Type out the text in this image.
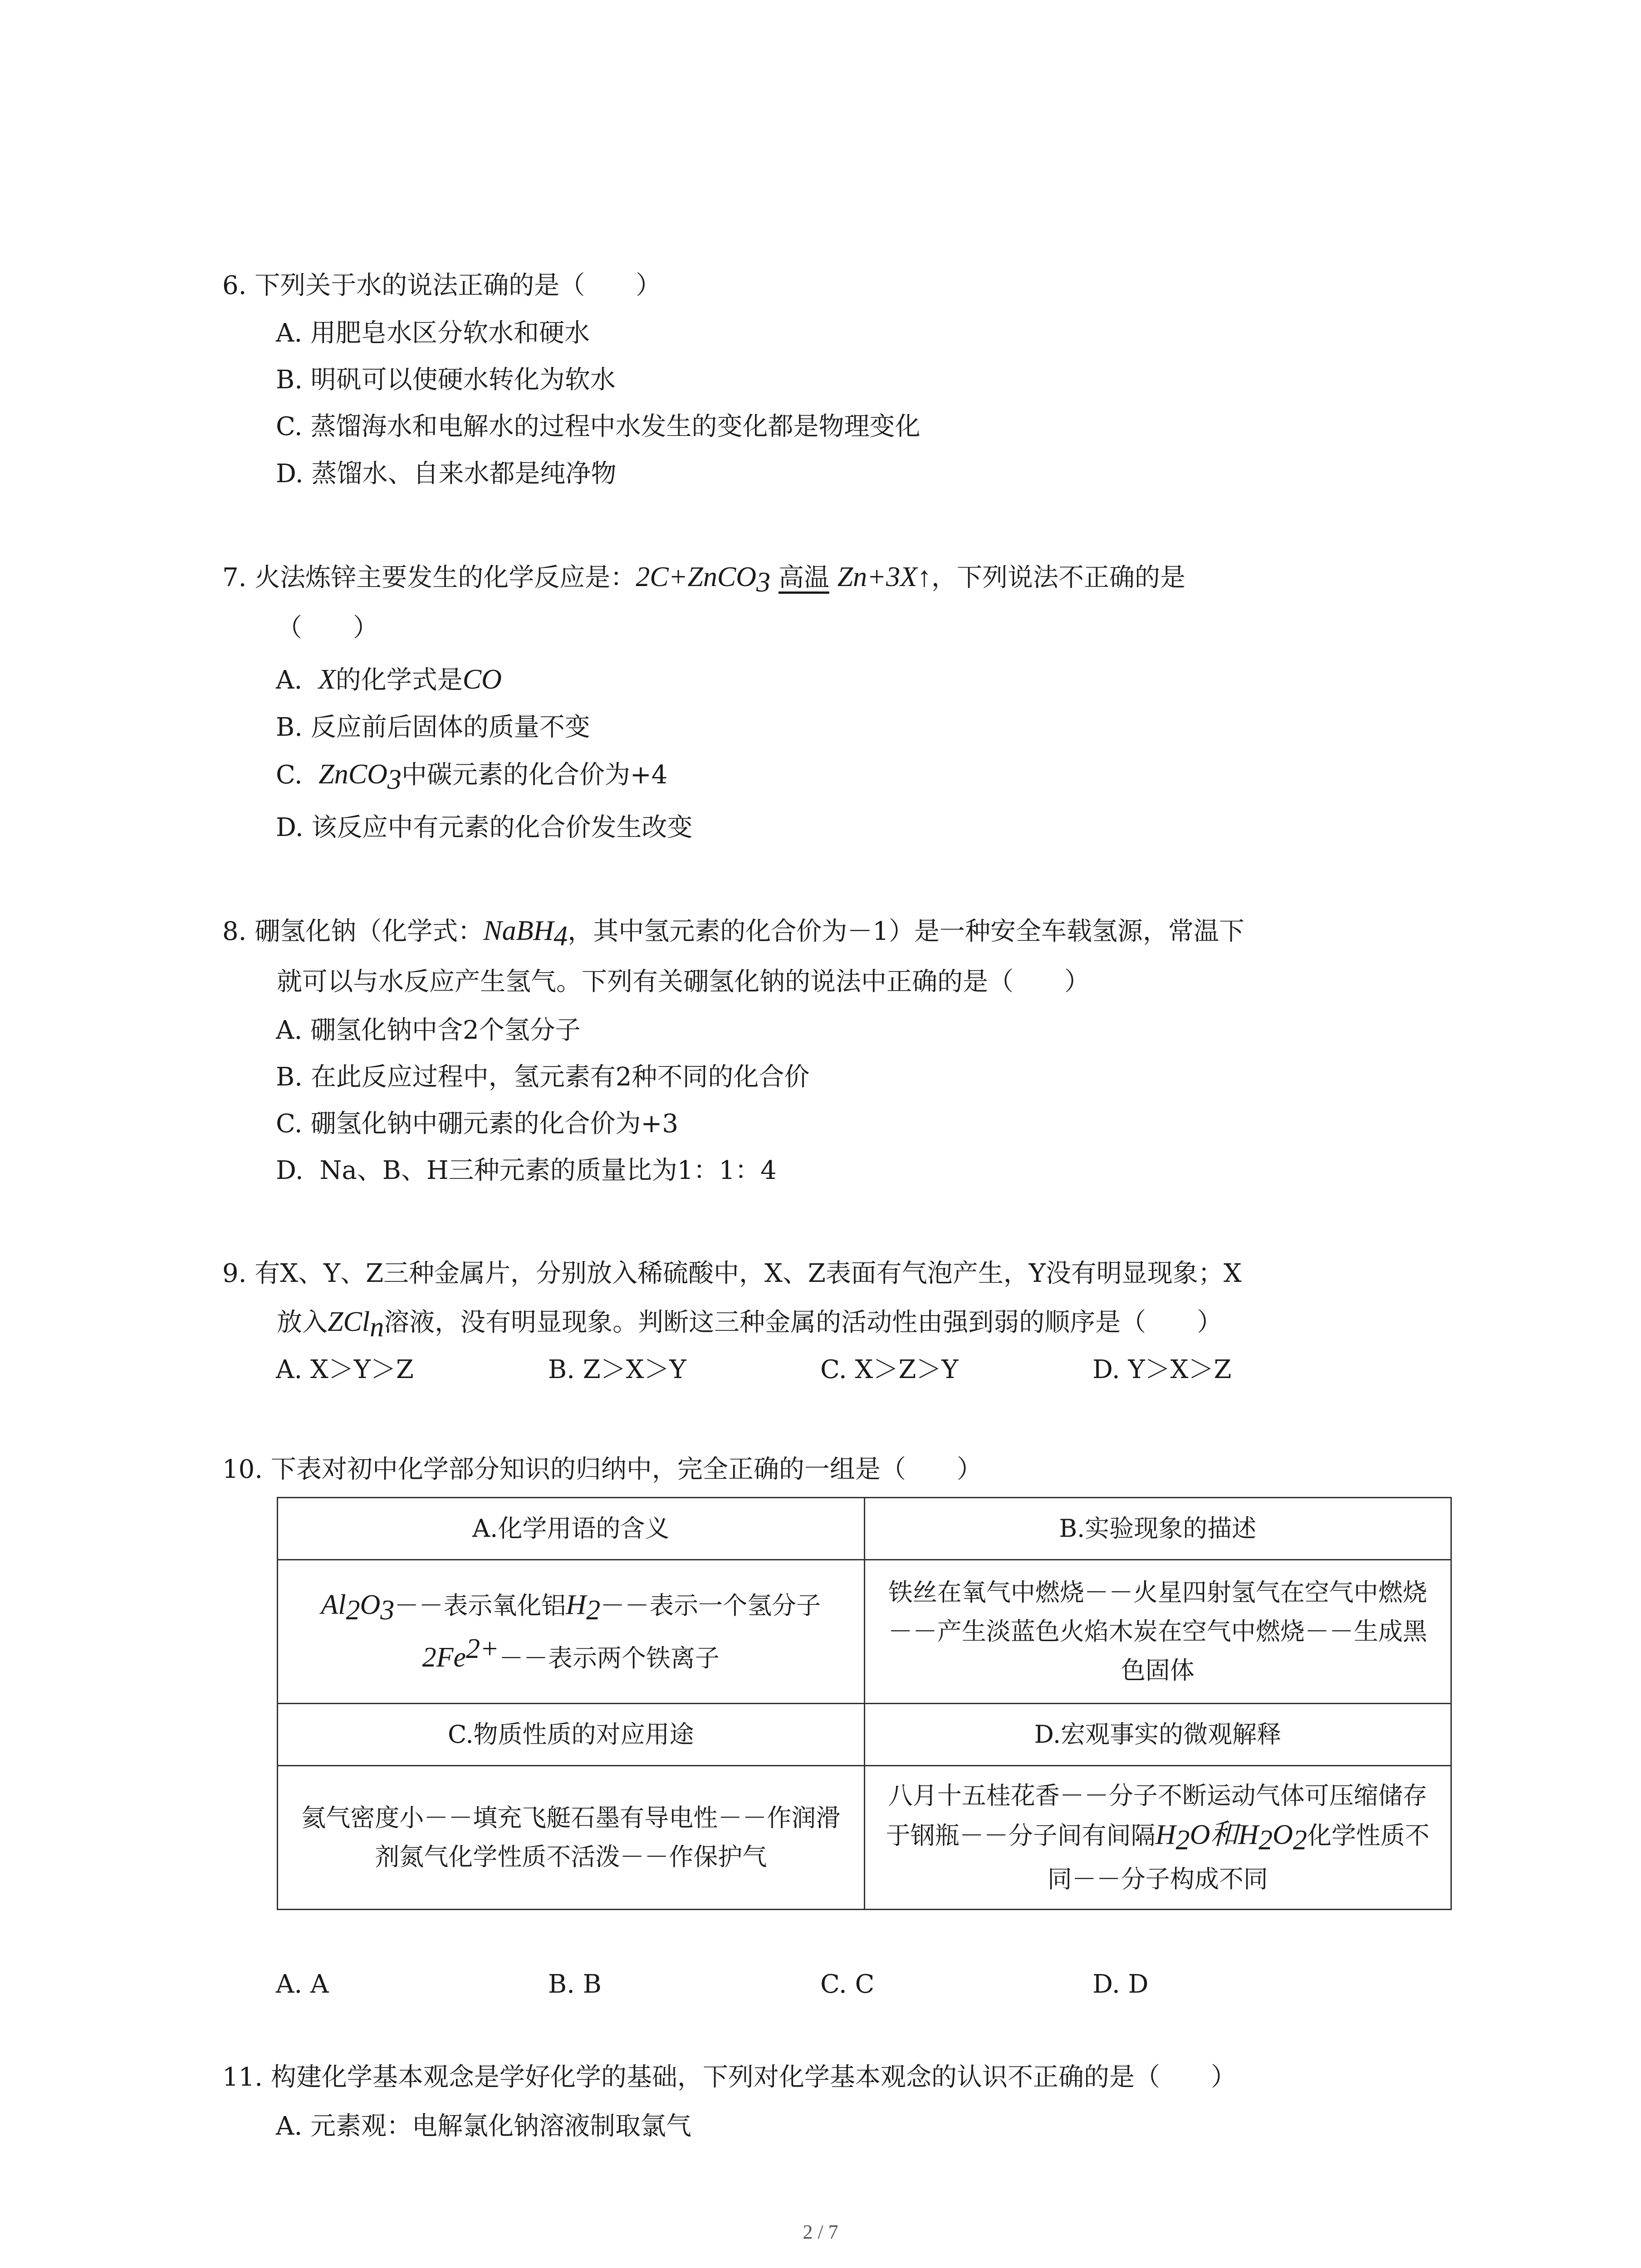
6. 下列关于水的说法正确的是（　　）
A. 用肥皂水区分软水和硬水
B. 明矾可以使硬水转化为软水
C. 蒸馏海水和电解水的过程中水发生的变化都是物理变化
D. 蒸馏水、自来水都是纯净物
7. 火法炼锌主要发生的化学反应是：2C+ZnCO$_3$ 高温 Zn+3X↑，下列说法不正确的是
（　　）
A. X的化学式是CO
B. 反应前后固体的质量不变
C. ZnCO$_3$中碳元素的化合价为+4
D. 该反应中有元素的化合价发生改变
8. 硼氢化钠（化学式：NaBH$_4$，其中氢元素的化合价为－1）是一种安全车载氢源，常温下
就可以与水反应产生氢气。下列有关硼氢化钠的说法中正确的是（　　）
A. 硼氢化钠中含2个氢分子
B. 在此反应过程中，氢元素有2种不同的化合价
C. 硼氢化钠中硼元素的化合价为+3
D. Na、B、H三种元素的质量比为1：1：4
9. 有X、Y、Z三种金属片，分别放入稀硫酸中，X、Z表面有气泡产生，Y没有明显现象；X
放入ZCl$_n$溶液，没有明显现象。判断这三种金属的活动性由强到弱的顺序是（　　）
A. X＞Y＞Z	B. Z＞X＞Y	C. X＞Z＞Y	D. Y＞X＞Z
10. 下表对初中化学部分知识的归纳中，完全正确的一组是（　　）
A.化学用语的含义	B.实验现象的描述
$Al_2O_3--$表示氧化铝$H_2--$表示一个氢分子$2Fe^{2+}--$表示两个铁离子	铁丝在氧气中燃烧－－火星四射氢气在空气中燃烧－－产生淡蓝色火焰木炭在空气中燃烧－－生成黑色固体
C.物质性质的对应用途	D.宏观事实的微观解释
氦气密度小－－填充飞艇石墨有导电性－－作润滑剂氮气化学性质不活泼－－作保护气	八月十五桂花香－－分子不断运动气体可压缩储存于钢瓶－－分子间有间隔$H_2O$和$H_2O_2$化学性质不同－－分子构成不同
A. A	B. B	C. C	D. D
11. 构建化学基本观念是学好化学的基础，下列对化学基本观念的认识不正确的是（　　）
A. 元素观：电解氯化钠溶液制取氯气
2 / 7
